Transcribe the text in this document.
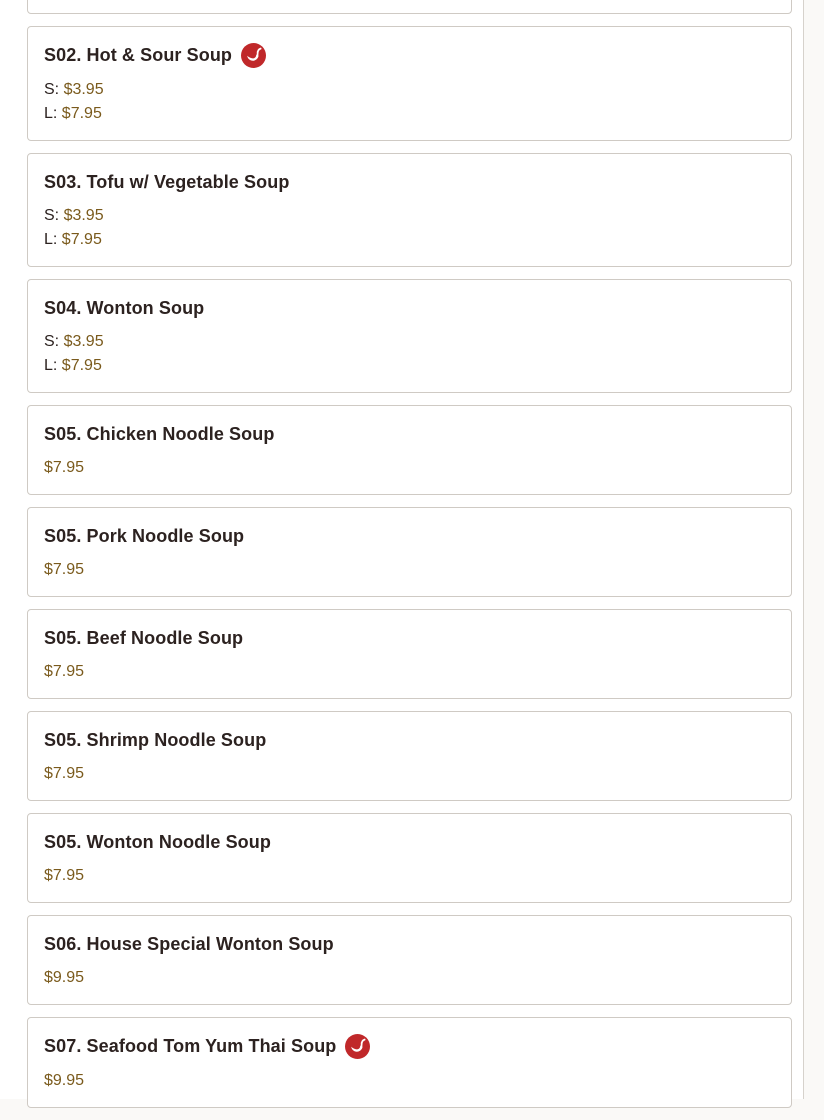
S02. Hot & Sour Soup
S: $3.95
L: $7.95
S03. Tofu w/ Vegetable Soup
S: $3.95
L: $7.95
S04. Wonton Soup
S: $3.95
L: $7.95
S05. Chicken Noodle Soup
$7.95
S05. Pork Noodle Soup
$7.95
S05. Beef Noodle Soup
$7.95
S05. Shrimp Noodle Soup
$7.95
S05. Wonton Noodle Soup
$7.95
S06. House Special Wonton Soup
$9.95
S07. Seafood Tom Yum Thai Soup
$9.95
